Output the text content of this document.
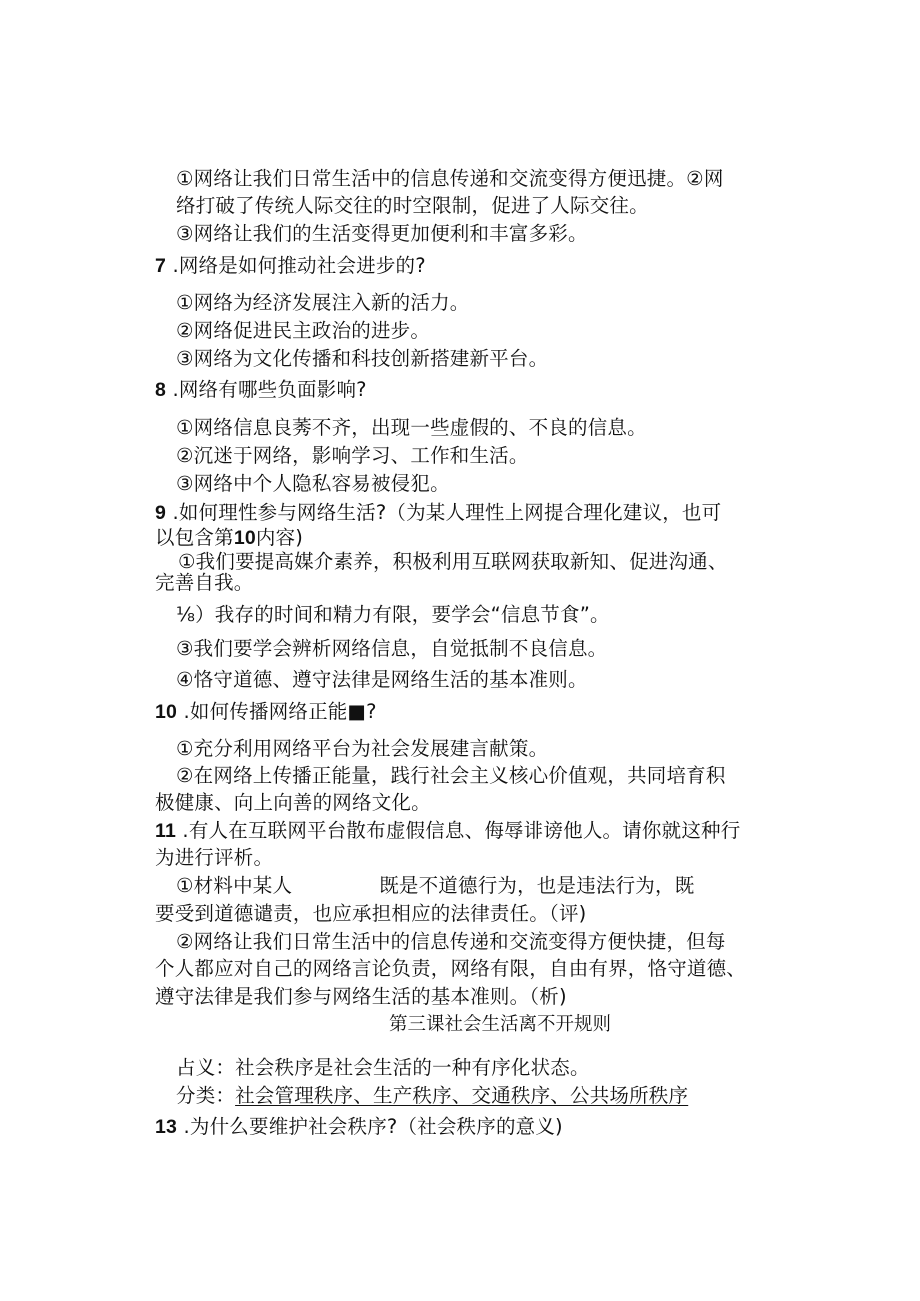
①网络让我们日常生活中的信息传递和交流变得方便迅捷。②网
络打破了传统人际交往的时空限制，促进了人际交往。
③网络让我们的生活变得更加便利和丰富多彩。
7 .网络是如何推动社会进步的?
①网络为经济发展注入新的活力。
②网络促进民主政治的进步。
③网络为文化传播和科技创新搭建新平台。
8 .网络有哪些负面影响?
①网络信息良莠不齐，出现一些虚假的、不良的信息。
②沉迷于网络，影响学习、工作和生活。
③网络中个人隐私容易被侵犯。
9 .如何理性参与网络生活?（为某人理性上网提合理化建议，也可
以包含第10内容)
①我们要提高媒介素养，积极利用互联网获取新知、促进沟通、
完善自我。
⅛）我存的时间和精力有限，要学会“信息节食”。
③我们要学会辨析网络信息，自觉抵制不良信息。
④恪守道德、遵守法律是网络生活的基本准则。
10 .如何传播网络正能■?
①充分利用网络平台为社会发展建言献策。
②在网络上传播正能量，践行社会主义核心价值观，共同培育积
极健康、向上向善的网络文化。
11 .有人在互联网平台散布虚假信息、侮辱诽谤他人。请你就这种行
为进行评析。
①材料中某人	既是不道德行为，也是违法行为，既
要受到道德谴责，也应承担相应的法律责任。（评)
②网络让我们日常生活中的信息传递和交流变得方便快捷，但每
个人都应对自己的网络言论负责，网络有限，自由有界，恪守道德、
遵守法律是我们参与网络生活的基本准则。（析)
第三课社会生活离不开规则
占义：社会秩序是社会生活的一种有序化状态。
分类：社会管理秩序、生产秩序、交通秩序、公共场所秩序
13 .为什么要维护社会秩序?（社会秩序的意义)
